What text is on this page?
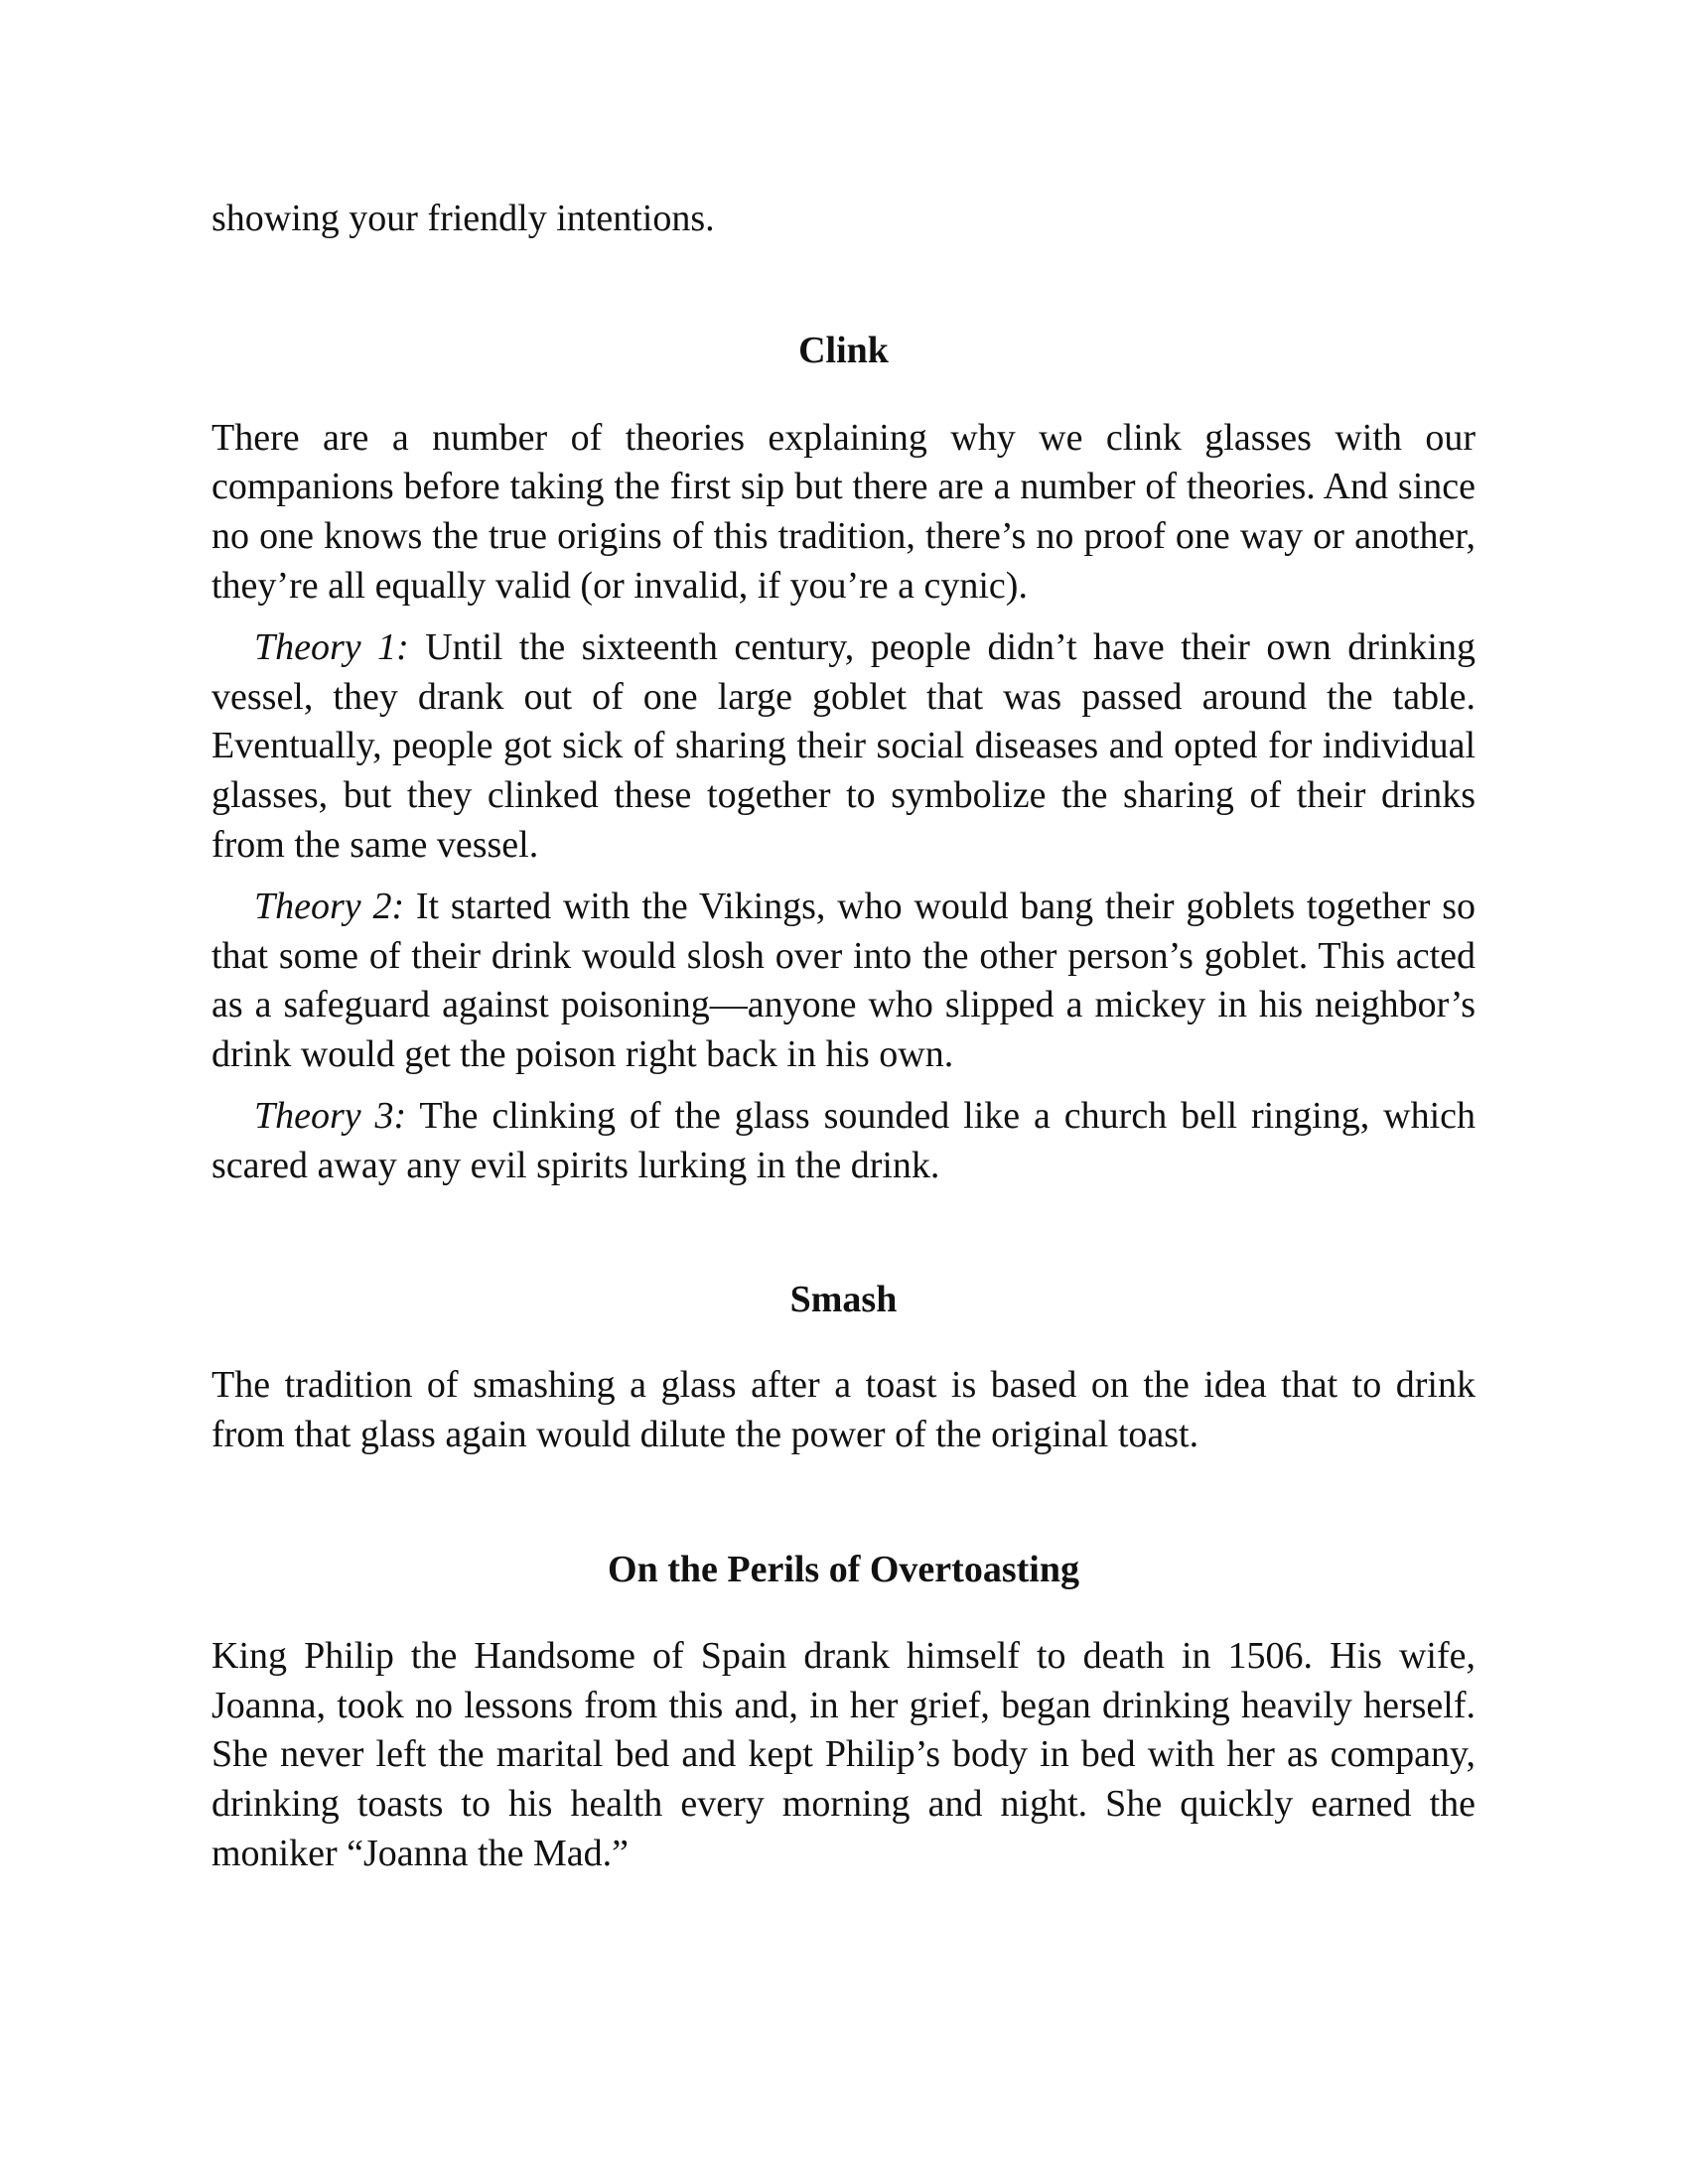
showing your friendly intentions.

Clink

There are a number of theories explaining why we clink glasses with our companions before taking the first sip but there are a number of theories. And since no one knows the true origins of this tradition, there’s no proof one way or another, they’re all equally valid (or invalid, if you’re a cynic).

Theory 1: Until the sixteenth century, people didn’t have their own drinking vessel, they drank out of one large goblet that was passed around the table. Eventually, people got sick of sharing their social diseases and opted for individual glasses, but they clinked these together to symbolize the sharing of their drinks from the same vessel.

Theory 2: It started with the Vikings, who would bang their goblets together so that some of their drink would slosh over into the other person’s goblet. This acted as a safeguard against poisoning—anyone who slipped a mickey in his neighbor’s drink would get the poison right back in his own.

Theory 3: The clinking of the glass sounded like a church bell ringing, which scared away any evil spirits lurking in the drink.

Smash

The tradition of smashing a glass after a toast is based on the idea that to drink from that glass again would dilute the power of the original toast.

On the Perils of Overtoasting

King Philip the Handsome of Spain drank himself to death in 1506. His wife, Joanna, took no lessons from this and, in her grief, began drinking heavily herself. She never left the marital bed and kept Philip’s body in bed with her as company, drinking toasts to his health every morning and night. She quickly earned the moniker “Joanna the Mad.”
